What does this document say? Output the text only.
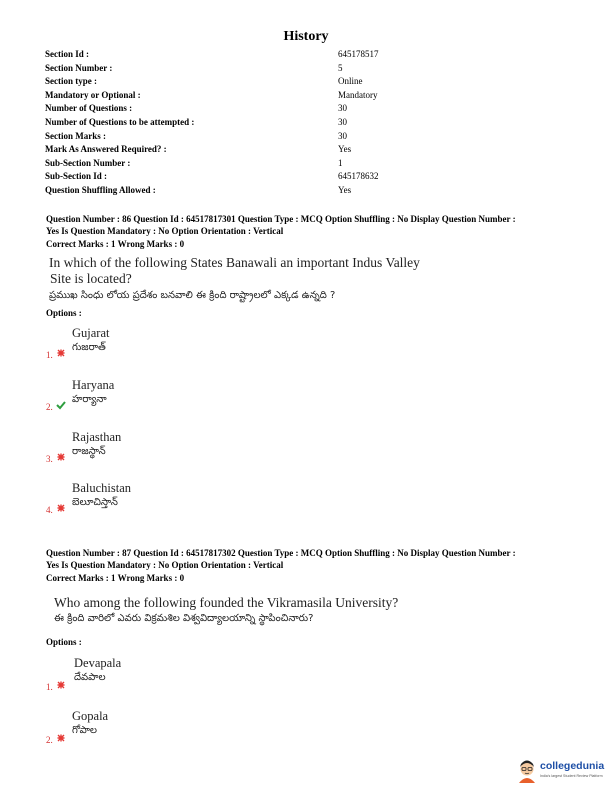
History
Section Id :	645178517
Section Number :	5
Section type :	Online
Mandatory or Optional :	Mandatory
Number of Questions :	30
Number of Questions to be attempted :	30
Section Marks :	30
Mark As Answered Required? :	Yes
Sub-Section Number :	1
Sub-Section Id :	645178632
Question Shuffling Allowed :	Yes
Question Number : 86 Question Id : 64517817301 Question Type : MCQ Option Shuffling : No Display Question Number :
Yes Is Question Mandatory : No Option Orientation : Vertical
Correct Marks : 1 Wrong Marks : 0
In which of the following States Banawali an important Indus Valley
Site is located?
ప్రముఖ సింధు లోయ ప్రదేశం బనవాలి ఈ క్రింది రాష్ట్రాలలో ఎక్కడ ఉన్నది ?
Options :
Gujarat
గుజరాత్
1.
Haryana
హర్యానా
2.
Rajasthan
రాజస్థాన్
3.
Baluchistan
బెలూచిస్తాన్
4.
Question Number : 87 Question Id : 64517817302 Question Type : MCQ Option Shuffling : No Display Question Number :
Yes Is Question Mandatory : No Option Orientation : Vertical
Correct Marks : 1 Wrong Marks : 0
Who among the following founded the Vikramasila University?
ఈ క్రింది వారిలో ఎవరు విక్రమశిల విశ్వవిద్యాలయాన్ని స్థాపించినారు?
Options :
Devapala
దేవపాల
1.
Gopala
గోపాల
2.
collegedunia
India's largest Student Review Platform
